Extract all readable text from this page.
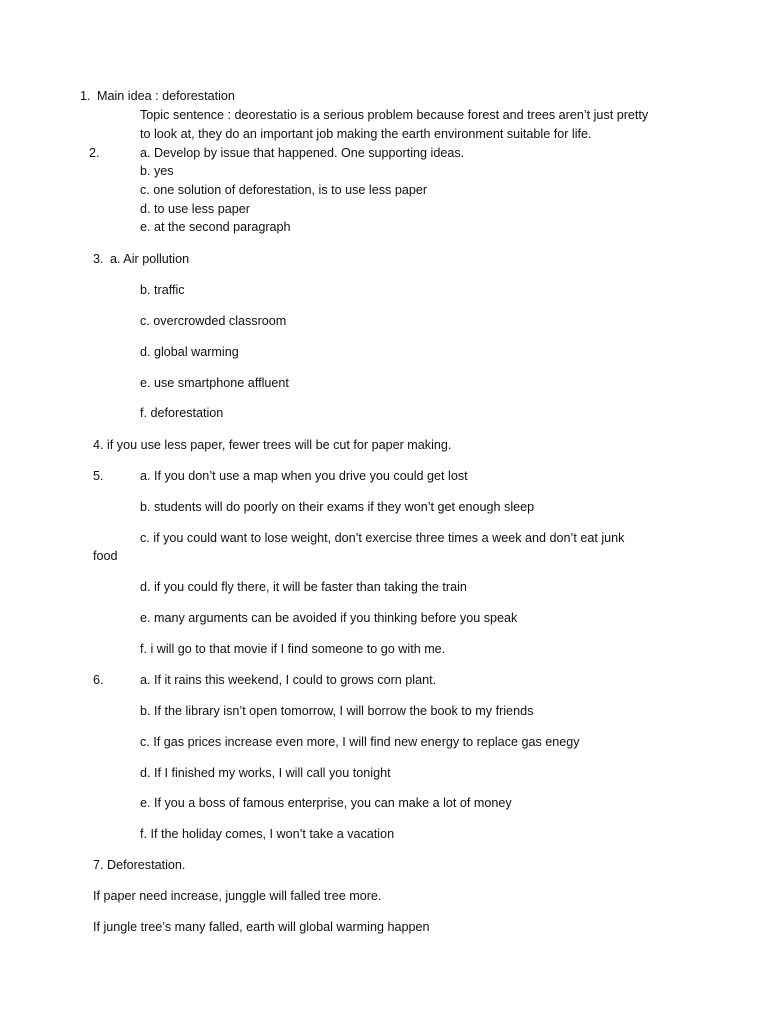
1. Main idea : deforestation
Topic sentence : deorestatio is a serious problem because forest and trees aren’t just pretty
to look at, they do an important job making the earth environment suitable for life.
2.	a. Develop by issue that happened. One supporting ideas.
b. yes
c. one solution of deforestation, is to use less paper
d. to use less paper
e. at the second paragraph
3. a. Air pollution
b. traffic
c. overcrowded classroom
d. global warming
e. use smartphone affluent
f. deforestation
4. if you use less paper, fewer trees will be cut for paper making.
5.	a. If you don’t use a map when you drive you could get lost
b. students will do poorly on their exams if they won’t get enough sleep
c. if you could want to lose weight, don’t exercise three times a week and don’t eat junk
food
d. if you could fly there, it will be faster than taking the train
e. many arguments can be avoided if you thinking before you speak
f. i will go to that movie if I find someone to go with me.
6.	a. If it rains this weekend, I could to grows corn plant.
b. If the library isn’t open tomorrow, I will borrow the book to my friends
c. If gas prices increase even more, I will find new energy to replace gas enegy
d. If I finished my works, I will call you tonight
e. If you a boss of famous enterprise, you can make a lot of money
f. If the holiday comes, I won’t take a vacation
7. Deforestation.
If paper need increase, junggle will falled tree more.
If jungle tree’s many falled, earth will global warming happen
